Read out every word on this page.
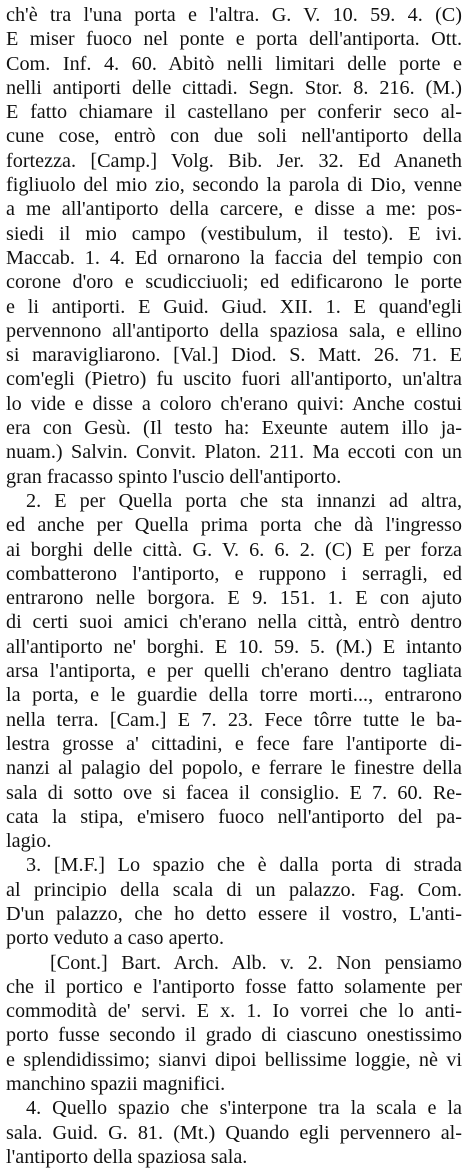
ch'è tra l'una porta e l'altra. G. V. 10. 59. 4. (C)
E miser fuoco nel ponte e porta dell'antiporta. Ott.
Com. Inf. 4. 60. Abitò nelli limitari delle porte e
nelli antiporti delle cittadi. Segn. Stor. 8. 216. (M.)
E fatto chiamare il castellano per conferir seco al-
cune cose, entrò con due soli nell'antiporto della
fortezza. [Camp.] Volg. Bib. Jer. 32. Ed Ananeth
figliuolo del mio zio, secondo la parola di Dio, venne
a me all'antiporto della carcere, e disse a me: pos-
siedi il mio campo (vestibulum, il testo). E ivi.
Maccab. 1. 4. Ed ornarono la faccia del tempio con
corone d'oro e scudicciuoli; ed edificarono le porte
e li antiporti. E Guid. Giud. XII. 1. E quand'egli
pervennono all'antiporto della spaziosa sala, e ellino
si maravigliarono. [Val.] Diod. S. Matt. 26. 71. E
com'egli (Pietro) fu uscito fuori all'antiporto, un'altra
lo vide e disse a coloro ch'erano quivi: Anche costui
era con Gesù. (Il testo ha: Exeunte autem illo ja-
nuam.) Salvin. Convit. Platon. 211. Ma eccoti con un
gran fracasso spinto l'uscio dell'antiporto.
2. E per Quella porta che sta innanzi ad altra,
ed anche per Quella prima porta che dà l'ingresso
ai borghi delle città. G. V. 6. 6. 2. (C) E per forza
combatterono l'antiporto, e ruppono i serragli, ed
entrarono nelle borgora. E 9. 151. 1. E con ajuto
di certi suoi amici ch'erano nella città, entrò dentro
all'antiporto ne' borghi. E 10. 59. 5. (M.) E intanto
arsa l'antiporta, e per quelli ch'erano dentro tagliata
la porta, e le guardie della torre morti..., entrarono
nella terra. [Cam.] E 7. 23. Fece tôrre tutte le ba-
lestra grosse a' cittadini, e fece fare l'antiporte di-
nanzi al palagio del popolo, e ferrare le finestre della
sala di sotto ove si facea il consiglio. E 7. 60. Re-
cata la stipa, e'misero fuoco nell'antiporto del pa-
lagio.
3. [M.F.] Lo spazio che è dalla porta di strada
al principio della scala di un palazzo. Fag. Com.
D'un palazzo, che ho detto essere il vostro, L'anti-
porto veduto a caso aperto.
[Cont.] Bart. Arch. Alb. v. 2. Non pensiamo
che il portico e l'antiporto fosse fatto solamente per
commodità de' servi. E x. 1. Io vorrei che lo anti-
porto fusse secondo il grado di ciascuno onestissimo
e splendidissimo; sianvi dipoi bellissime loggie, nè vi
manchino spazii magnifici.
4. Quello spazio che s'interpone tra la scala e la
sala. Guid. G. 81. (Mt.) Quando egli pervennero al-
l'antiporto della spaziosa sala.
